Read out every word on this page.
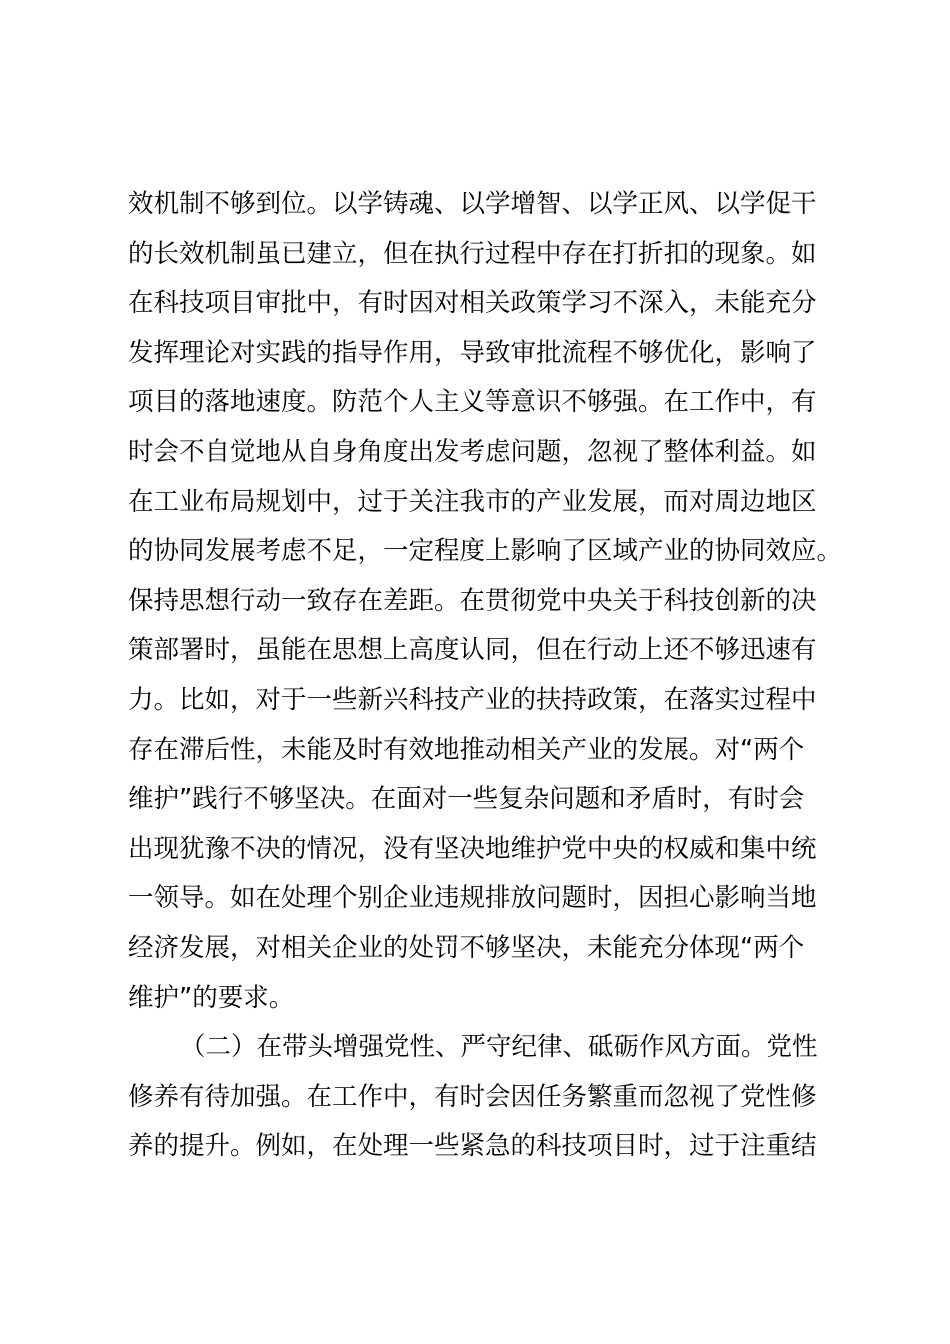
效机制不够到位。以学铸魂、以学增智、以学正风、以学促干
的长效机制虽已建立，但在执行过程中存在打折扣的现象。如
在科技项目审批中，有时因对相关政策学习不深入，未能充分
发挥理论对实践的指导作用，导致审批流程不够优化，影响了
项目的落地速度。防范个人主义等意识不够强。在工作中，有
时会不自觉地从自身角度出发考虑问题，忽视了整体利益。如
在工业布局规划中，过于关注我市的产业发展，而对周边地区
的协同发展考虑不足，一定程度上影响了区域产业的协同效应。
保持思想行动一致存在差距。在贯彻党中央关于科技创新的决
策部署时，虽能在思想上高度认同，但在行动上还不够迅速有
力。比如，对于一些新兴科技产业的扶持政策，在落实过程中
存在滞后性，未能及时有效地推动相关产业的发展。对“两个
维护”践行不够坚决。在面对一些复杂问题和矛盾时，有时会
出现犹豫不决的情况，没有坚决地维护党中央的权威和集中统
一领导。如在处理个别企业违规排放问题时，因担心影响当地
经济发展，对相关企业的处罚不够坚决，未能充分体现“两个
维护”的要求。
（二）在带头增强党性、严守纪律、砥砺作风方面。党性
修养有待加强。在工作中，有时会因任务繁重而忽视了党性修
养的提升。例如，在处理一些紧急的科技项目时，过于注重结
